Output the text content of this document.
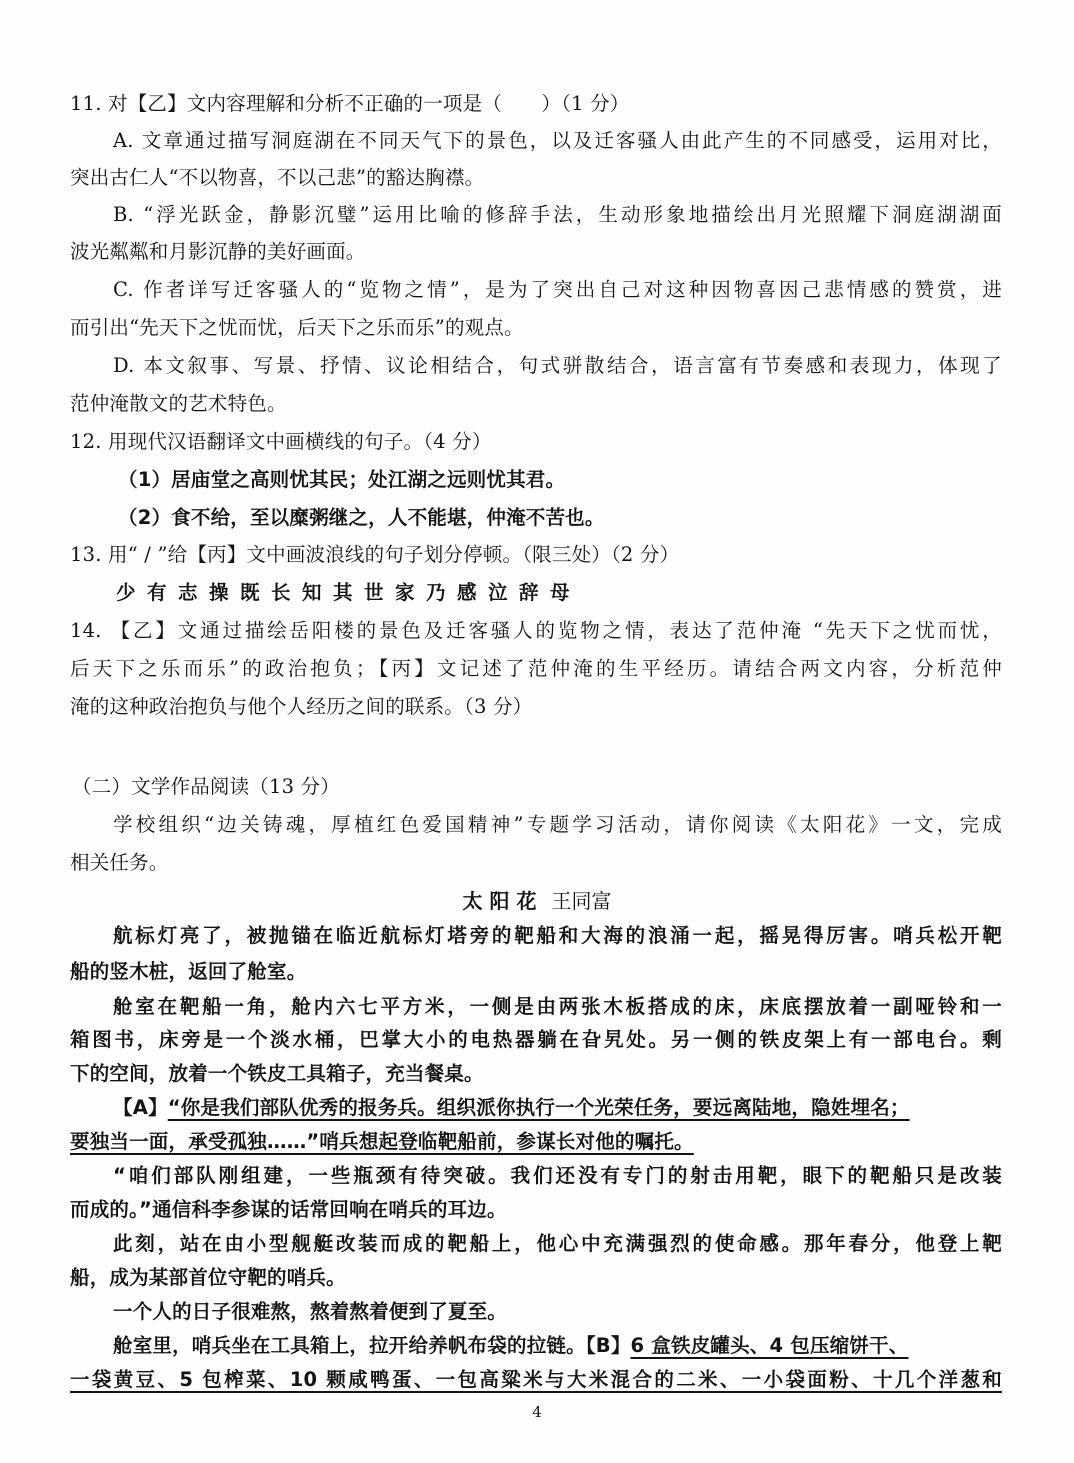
11. 对【乙】文内容理解和分析不正确的一项是（　　）（1 分）
A. 文章通过描写洞庭湖在不同天气下的景色，以及迁客骚人由此产生的不同感受，运用对比，
突出古仁人“不以物喜，不以己悲”的豁达胸襟。
B. “浮光跃金，静影沉璧”运用比喻的修辞手法，生动形象地描绘出月光照耀下洞庭湖湖面
波光粼粼和月影沉静的美好画面。
C. 作者详写迁客骚人的“览物之情”，是为了突出自己对这种因物喜因己悲情感的赞赏，进
而引出“先天下之忧而忧，后天下之乐而乐”的观点。
D. 本文叙事、写景、抒情、议论相结合，句式骈散结合，语言富有节奏感和表现力，体现了
范仲淹散文的艺术特色。
12. 用现代汉语翻译文中画横线的句子。（4 分）
（1）居庙堂之高则忧其民；处江湖之远则忧其君。
（2）食不给，至以糜粥继之，人不能堪，仲淹不苦也。
13. 用“ / ”给【丙】文中画波浪线的句子划分停顿。（限三处）（2 分）
少有志操既长知其世家乃感泣辞母
14. 【乙】文通过描绘岳阳楼的景色及迁客骚人的览物之情，表达了范仲淹 “先天下之忧而忧，
后天下之乐而乐”的政治抱负；【丙】文记述了范仲淹的生平经历。请结合两文内容，分析范仲
淹的这种政治抱负与他个人经历之间的联系。（3 分）
（二）文学作品阅读（13 分）
学校组织“边关铸魂，厚植红色爱国精神”专题学习活动，请你阅读《太阳花》一文，完成
相关任务。
太阳花 王同富
航标灯亮了，被抛锚在临近航标灯塔旁的靶船和大海的浪涌一起，摇晃得厉害。哨兵松开靶
船的竖木桩，返回了舱室。
舱室在靶船一角，舱内六七平方米，一侧是由两张木板搭成的床，床底摆放着一副哑铃和一
箱图书，床旁是一个淡水桶，巴掌大小的电热器躺在旮旯处。另一侧的铁皮架上有一部电台。剩
下的空间，放着一个铁皮工具箱子，充当餐桌。
【A】“你是我们部队优秀的报务兵。组织派你执行一个光荣任务，要远离陆地，隐姓埋名；
要独当一面，承受孤独……”哨兵想起登临靶船前，参谋长对他的嘱托。
“咱们部队刚组建，一些瓶颈有待突破。我们还没有专门的射击用靶，眼下的靶船只是改装
而成的。”通信科李参谋的话常回响在哨兵的耳边。
此刻，站在由小型舰艇改装而成的靶船上，他心中充满强烈的使命感。那年春分，他登上靶
船，成为某部首位守靶的哨兵。
一个人的日子很难熬，熬着熬着便到了夏至。
舱室里，哨兵坐在工具箱上，拉开给养帆布袋的拉链。【B】6 盒铁皮罐头、4 包压缩饼干、
一袋黄豆、5 包榨菜、10 颗咸鸭蛋、一包高粱米与大米混合的二米、一小袋面粉、十几个洋葱和
4
